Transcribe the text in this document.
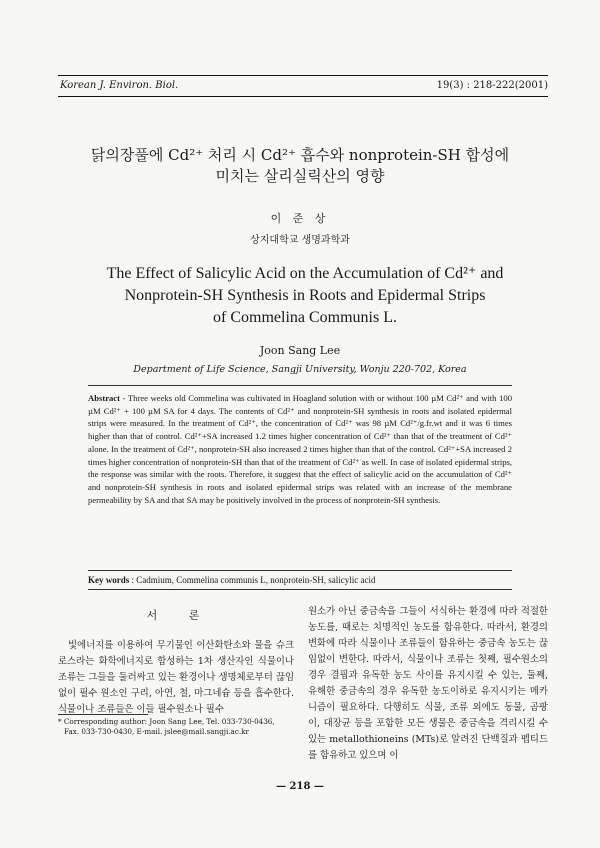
Korean J. Environ. Biol.	19(3) : 218-222(2001)
닭의장풀에 Cd²⁺ 처리 시 Cd²⁺ 흡수와 nonprotein-SH 합성에
미치는 살리실릭산의 영향
이 준 상
상지대학교 생명과학과
The Effect of Salicylic Acid on the Accumulation of Cd²⁺ and
Nonprotein-SH Synthesis in Roots and Epidermal Strips
of Commelina Communis L.
Joon Sang Lee
Department of Life Science, Sangji University, Wonju 220-702, Korea
Abstract - Three weeks old Commelina was cultivated in Hoagland solution with or without 100 µM Cd²⁺ and with 100 µM Cd²⁺ + 100 µM SA for 4 days. The contents of Cd²⁺ and nonprotein-SH synthesis in roots and isolated epidermal strips were measured. In the treatment of Cd²⁺, the concentration of Cd²⁺ was 98 µM Cd²⁺/g.fr.wt and it was 6 times higher than that of control. Cd²⁺+SA increased 1.2 times higher concentration of Cd²⁺ than that of the treatment of Cd²⁺ alone. In the treatment of Cd²⁺, nonprotein-SH also increased 2 times higher than that of the control. Cd²⁺+SA increased 2 times higher concentration of nonprotein-SH than that of the treatment of Cd²⁺ as well. In case of isolated epidermal strips, the response was similar with the roots. Therefore, it suggest that the effect of salicylic acid on the accumulation of Cd²⁺ and nonprotein-SH synthesis in roots and isolated epidermal strips was related with an increase of the membrane permeability by SA and that SA may be positively involved in the process of nonprotein-SH synthesis.
Key words : Cadmium, Commelina communis L, nonprotein-SH, salicylic acid
서 론

빛에너지를 이용하여 무기물인 이산화탄소와 물을 슈크로스라는 화학에너지로 합성하는 1차 생산자인 식물이나 조류는 그들을 둘러싸고 있는 환경이나 생명체로부터 끊임없이 필수 원소인 구리, 아연, 철, 마그네슘 등을 흡수한다. 식물이나 조류들은 이들 필수원소나 필수

원소가 아닌 중금속을 그들이 서식하는 환경에 따라 적절한 농도를, 때로는 치명적인 농도를 함유한다. 따라서, 환경의 변화에 따라 식물이나 조류들이 함유하는 중금속 농도는 끊임없이 변한다. 따라서, 식물이나 조류는 첫째, 필수원소의 경우 결핍과 유독한 농도 사이를 유지시킬 수 있는, 둘째, 유해한 중금속의 경우 유독한 농도이하로 유지시키는 메카니즘이 필요하다. 다행히도 식물, 조류 외에도 동물, 곰팡이, 대장균 등을 포함한 모든 생물은 중금속을 격리시킬 수 있는 metallothioneins (MTs)로 알려진 단백질과 펩티드를 함유하고 있으며 이

* Corresponding author: Joon Sang Lee, Tel. 033-730-0436,
Fax. 033-730-0430, E-mail. jslee@mail.sangji.ac.kr
— 218 —
